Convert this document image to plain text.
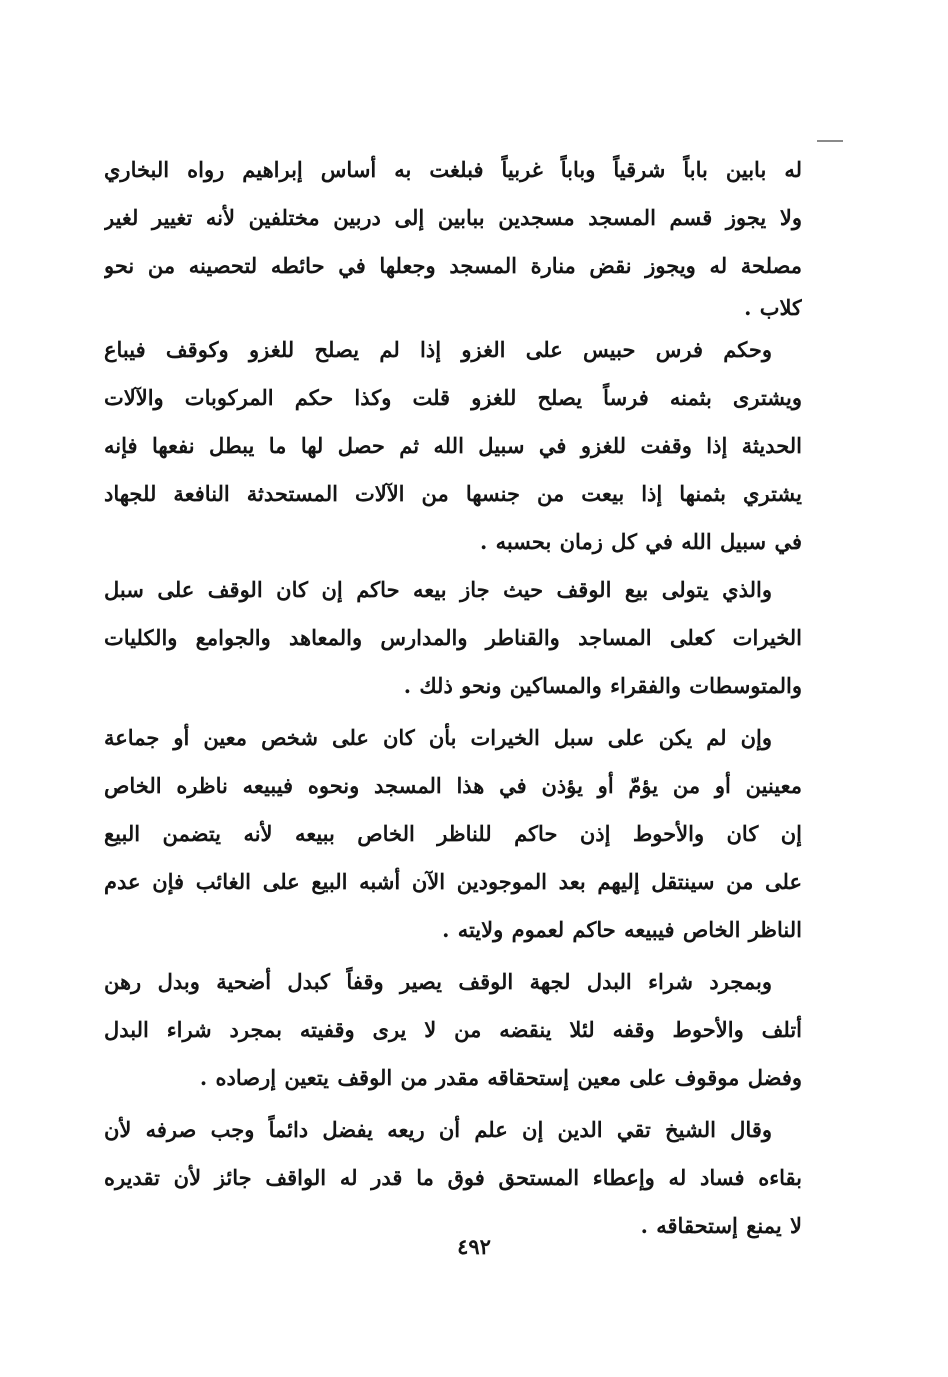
له بابين باباً شرقياً وباباً غربياً فبلغت به أساس إبراهيم رواه البخاري
ولا يجوز قسم المسجد مسجدين ببابين إلى دربين مختلفين لأنه تغيير لغير
مصلحة له ويجوز نقض منارة المسجد وجعلها في حائطه لتحصينه من نحو
كلاب .
وحكم فرس حبيس على الغزو إذا لم يصلح للغزو وكوقف فيباع
ويشترى بثمنه فرساً يصلح للغزو قلت وكذا حكم المركوبات والآلات
الحديثة إذا وقفت للغزو في سبيل الله ثم حصل لها ما يبطل نفعها فإنه
يشتري بثمنها إذا بيعت من جنسها من الآلات المستحدثة النافعة للجهاد
في سبيل الله في كل زمان بحسبه .
والذي يتولى بيع الوقف حيث جاز بيعه حاكم إن كان الوقف على سبل
الخيرات كعلى المساجد والقناطر والمدارس والمعاهد والجوامع والكليات
والمتوسطات والفقراء والمساكين ونحو ذلك .
وإن لم يكن على سبل الخيرات بأن كان على شخص معين أو جماعة
معينين أو من يؤمّ أو يؤذن في هذا المسجد ونحوه فيبيعه ناظره الخاص
إن كان والأحوط إذن حاكم للناظر الخاص ببيعه لأنه يتضمن البيع
على من سينتقل إليهم بعد الموجودين الآن أشبه البيع على الغائب فإن عدم
الناظر الخاص فيبيعه حاكم لعموم ولايته .
وبمجرد شراء البدل لجهة الوقف يصير وقفاً كبدل أضحية وبدل رهن
أتلف والأحوط وقفه لئلا ينقضه من لا يرى وقفيته بمجرد شراء البدل
وفضل موقوف على معين إستحقاقه مقدر من الوقف يتعين إرصاده .
وقال الشيخ تقي الدين إن علم أن ريعه يفضل دائماً وجب صرفه لأن
بقاءه فساد له وإعطاء المستحق فوق ما قدر له الواقف جائز لأن تقديره
لا يمنع إستحقاقه .
٤٩٢
